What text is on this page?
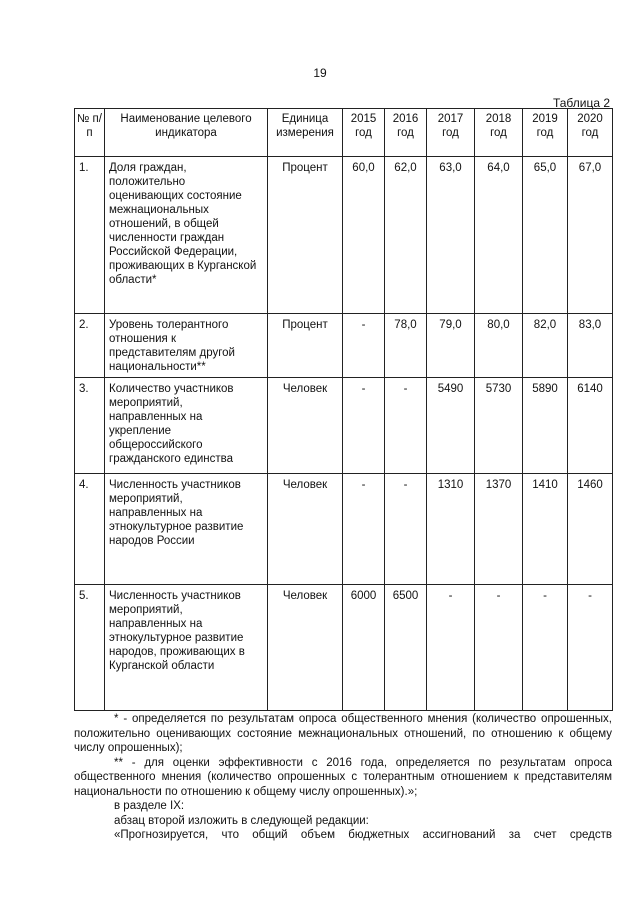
19
Таблица 2
№ п/п	Наименование целевого индикатора	Единица измерения	2015 год	2016 год	2017 год	2018 год	2019 год	2020 год
1.	Доля граждан, положительно оценивающих состояние межнациональных отношений, в общей численности граждан Российской Федерации, проживающих в Курганской области*	Процент	60,0	62,0	63,0	64,0	65,0	67,0
2.	Уровень толерантного отношения к представителям другой национальности**	Процент	-	78,0	79,0	80,0	82,0	83,0
3.	Количество участников мероприятий, направленных на укрепление общероссийского гражданского единства	Человек	-	-	5490	5730	5890	6140
4.	Численность участников мероприятий, направленных на этнокультурное развитие народов России	Человек	-	-	1310	1370	1410	1460
5.	Численность участников мероприятий, направленных на этнокультурное развитие народов, проживающих в Курганской области	Человек	6000	6500	-	-	-	-

* - определяется по результатам опроса общественного мнения (количество опрошенных, положительно оценивающих состояние межнациональных отношений, по отношению к общему числу опрошенных);

** - для оценки эффективности с 2016 года, определяется по результатам опроса общественного мнения (количество опрошенных с толерантным отношением к представителям национальности по отношению к общему числу опрошенных).»;

в разделе IX:

абзац второй изложить в следующей редакции:

«Прогнозируется, что общий объем бюджетных ассигнований за счет средств
